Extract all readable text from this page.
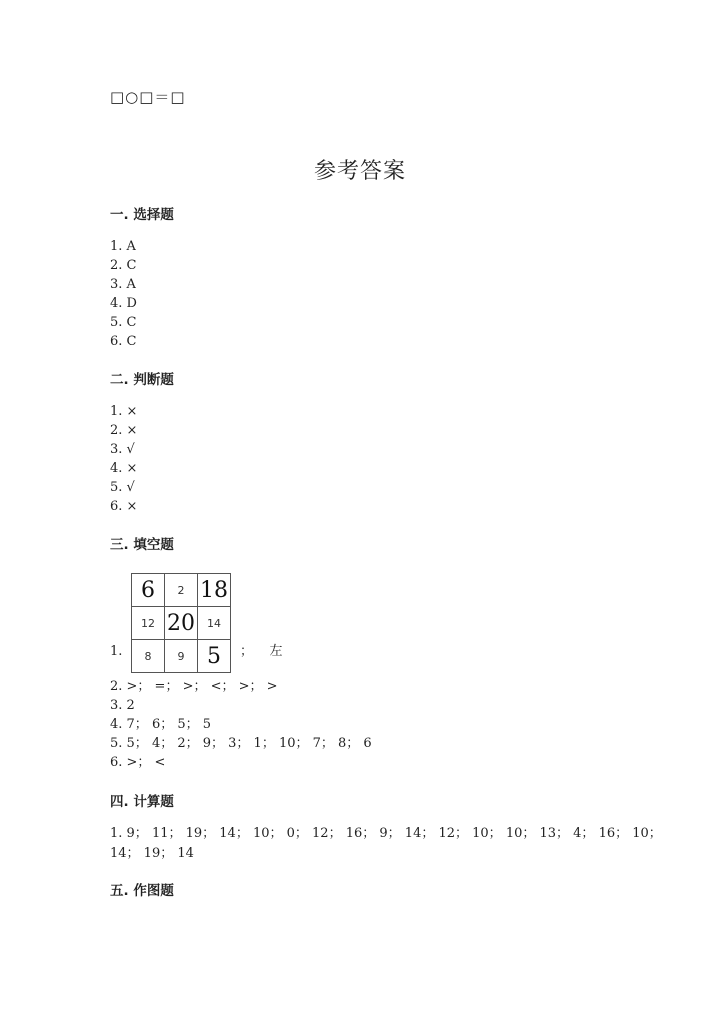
□○□＝□
参考答案
一. 选择题
1. A
2. C
3. A
4. D
5. C
6. C
二. 判断题
1. ×
2. ×
3. √
4. ×
5. √
6. ×
三. 填空题
1.
6	2	18
12	20	14
8	9	5 ；    左
2. >； =； >； <； >； >
3. 2
4. 7； 6； 5； 5
5. 5； 4； 2； 9； 3； 1； 10； 7； 8； 6
6. >； <
四. 计算题
1. 9； 11； 19； 14； 10； 0； 12； 16； 9； 14； 12； 10； 10； 13； 4； 16； 10；
14； 19； 14
五. 作图题
